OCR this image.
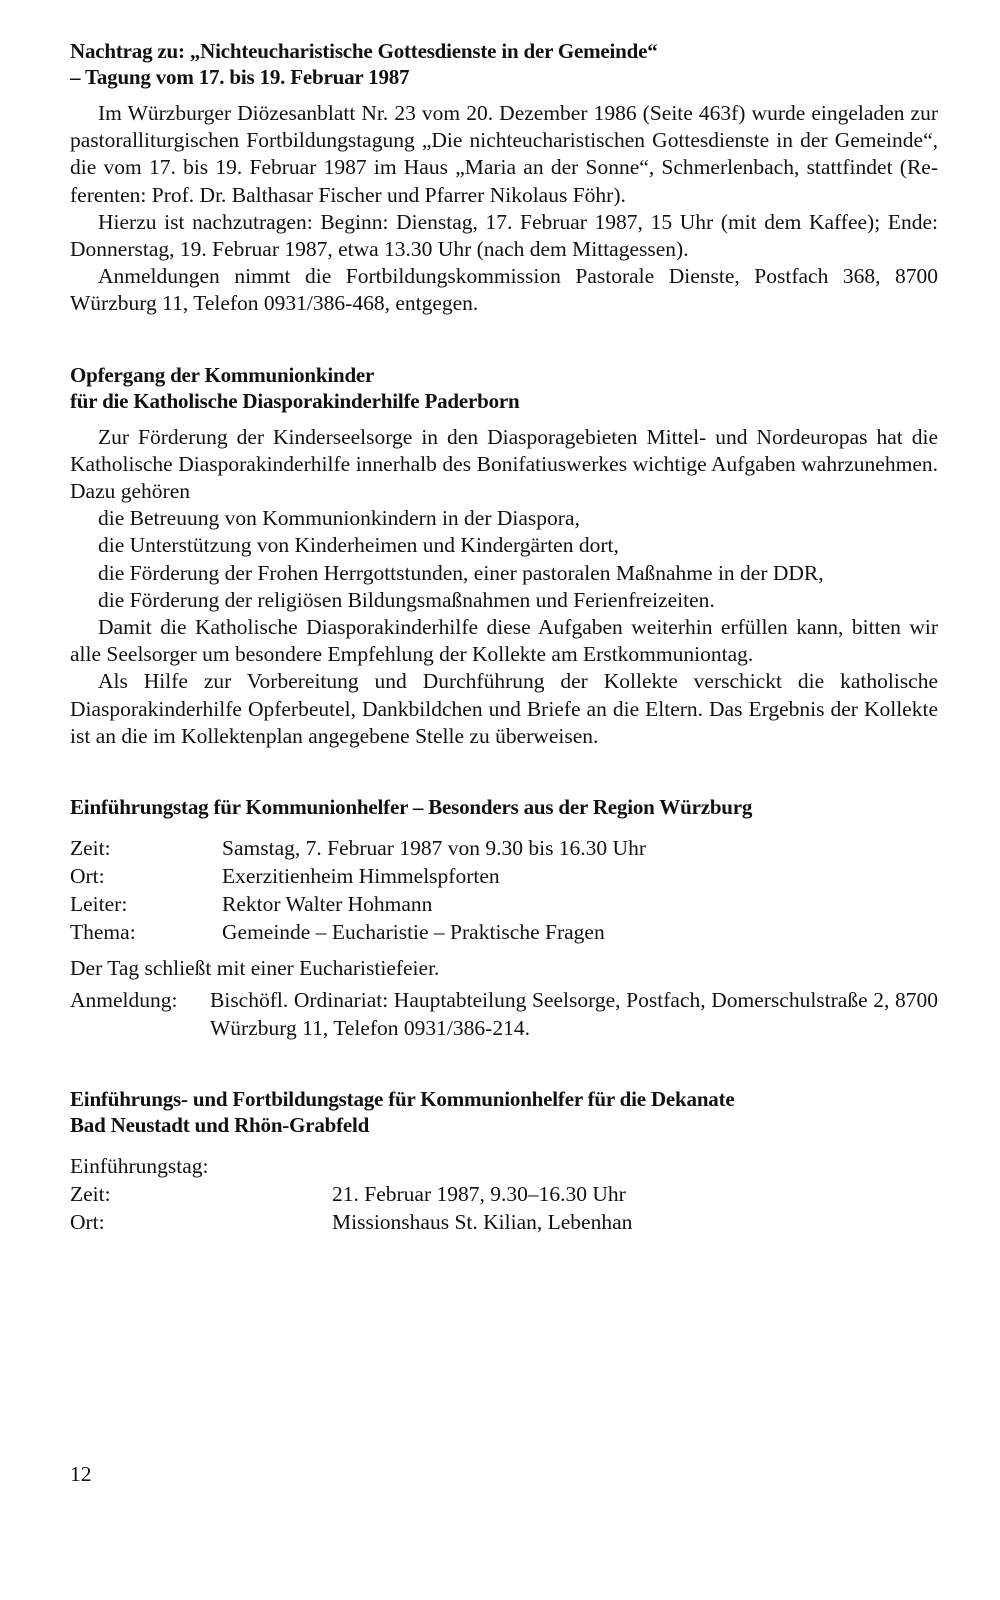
Nachtrag zu: „Nichteucharistische Gottesdienste in der Gemeinde“
– Tagung vom 17. bis 19. Februar 1987

Im Würzburger Diözesanblatt Nr. 23 vom 20. Dezember 1986 (Seite 463f) wurde eingeladen zur pastoralliturgischen Fortbildungstagung „Die nichteucharistischen Gottesdienste in der Gemeinde“, die vom 17. bis 19. Februar 1987 im Haus „Maria an der Sonne“, Schmerlenbach, stattfindet (Referenten: Prof. Dr. Balthasar Fischer und Pfarrer Nikolaus Föhr).

Hierzu ist nachzutragen: Beginn: Dienstag, 17. Februar 1987, 15 Uhr (mit dem Kaffee); Ende: Donnerstag, 19. Februar 1987, etwa 13.30 Uhr (nach dem Mittagessen).

Anmeldungen nimmt die Fortbildungskommission Pastorale Dienste, Postfach 368, 8700 Würzburg 11, Telefon 0931/386-468, entgegen.

Opfergang der Kommunionkinder
für die Katholische Diasporakinderhilfe Paderborn

Zur Förderung der Kinderseelsorge in den Diasporagebieten Mittel- und Nordeuropas hat die Katholische Diasporakinderhilfe innerhalb des Bonifatiuswerkes wichtige Aufgaben wahrzunehmen. Dazu gehören

die Betreuung von Kommunionkindern in der Diaspora,
die Unterstützung von Kinderheimen und Kindergärten dort,
die Förderung der Frohen Herrgottstunden, einer pastoralen Maßnahme in der DDR,
die Förderung der religiösen Bildungsmaßnahmen und Ferienfreizeiten.

Damit die Katholische Diasporakinderhilfe diese Aufgaben weiterhin erfüllen kann, bitten wir alle Seelsorger um besondere Empfehlung der Kollekte am Erstkommuniontag.

Als Hilfe zur Vorbereitung und Durchführung der Kollekte verschickt die katholische Diasporakinderhilfe Opferbeutel, Dankbildchen und Briefe an die Eltern. Das Ergebnis der Kollekte ist an die im Kollektenplan angegebene Stelle zu überweisen.

Einführungstag für Kommunionhelfer – Besonders aus der Region Würzburg
Zeit:	Samstag, 7. Februar 1987 von 9.30 bis 16.30 Uhr
Ort:	Exerzitienheim Himmelspforten
Leiter:	Rektor Walter Hohmann
Thema:	Gemeinde – Eucharistie – Praktische Fragen

Der Tag schließt mit einer Eucharistiefeier.

Anmeldung:	Bischöfl. Ordinariat: Hauptabteilung Seelsorge, Postfach, Domerschulstraße 2, 8700 Würzburg 11, Telefon 0931/386-214.
Einführungs- und Fortbildungstage für Kommunionhelfer für die Dekanate
Bad Neustadt und Rhön-Grabfeld

Einführungstag:

Zeit:	21. Februar 1987, 9.30–16.30 Uhr
Ort:	Missionshaus St. Kilian, Lebenhan
12
